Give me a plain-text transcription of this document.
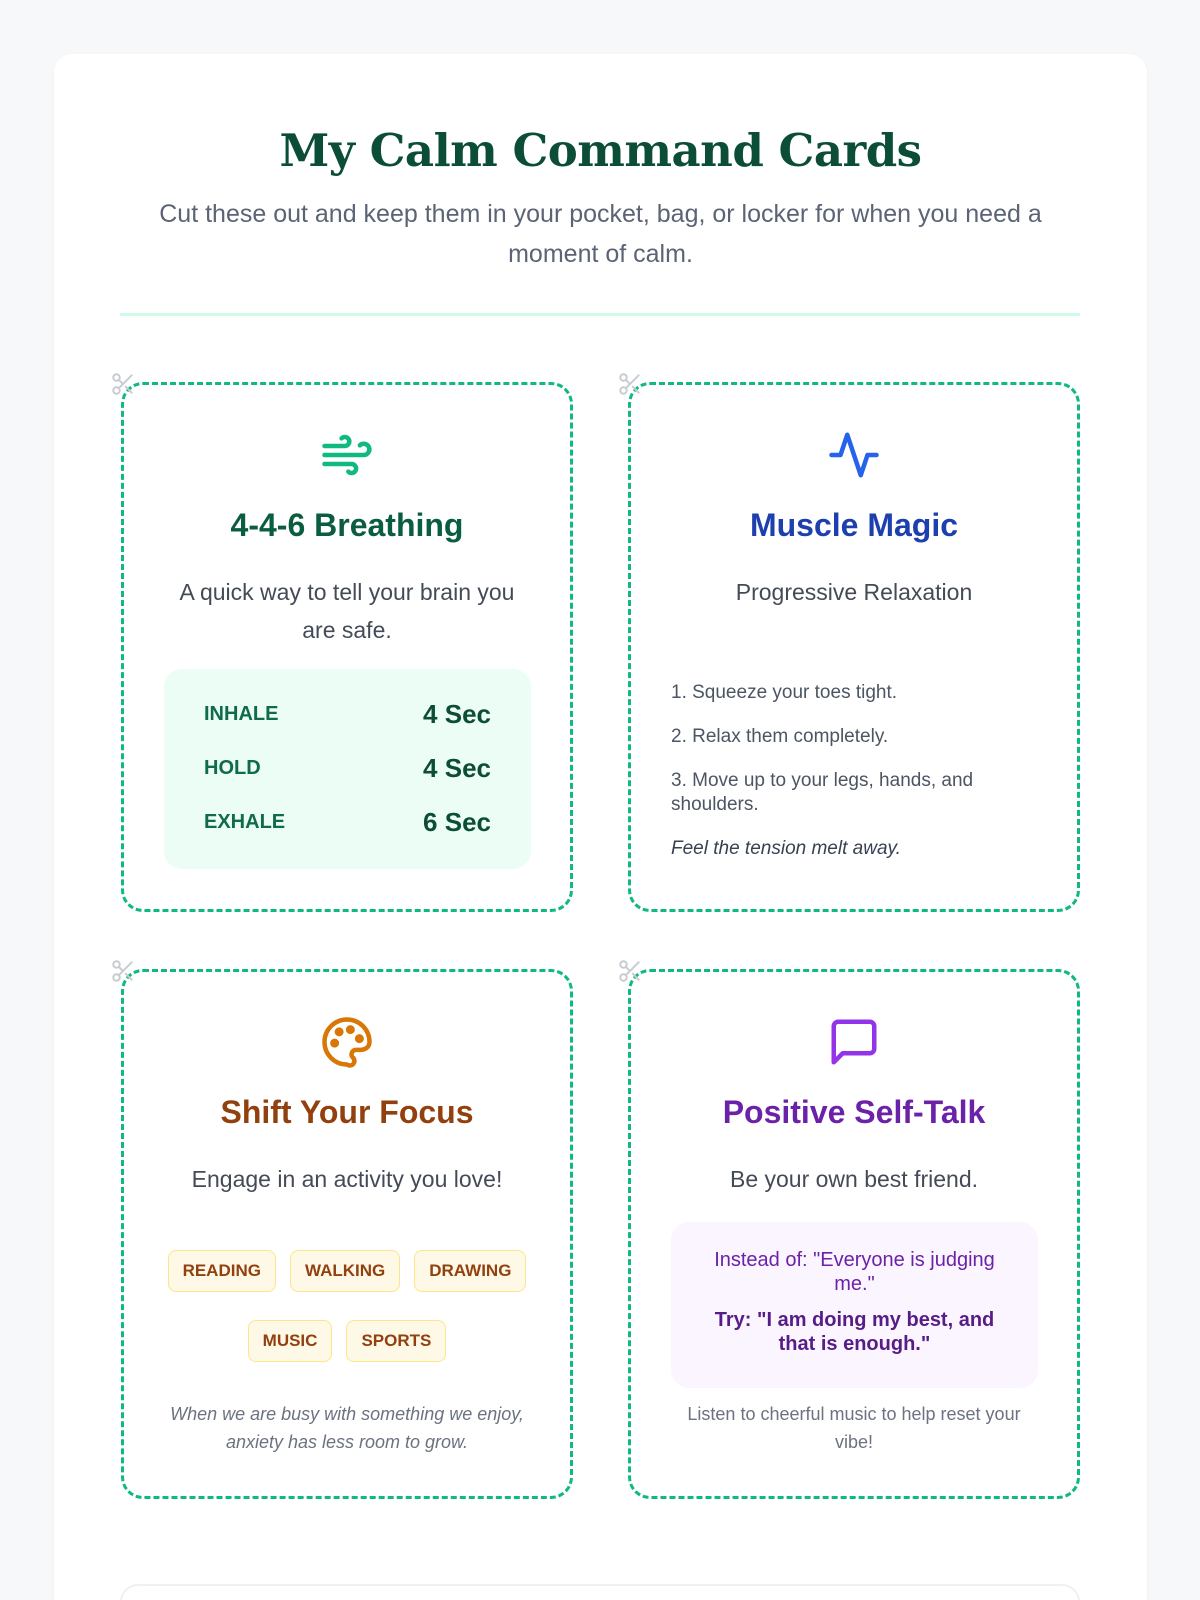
My Calm Command Cards

Cut these out and keep them in your pocket, bag, or locker for when you need a moment of calm.

4-4-6 Breathing
A quick way to tell your brain you are safe.
INHALE	4 Sec
HOLD	4 Sec
EXHALE	6 Sec
Muscle Magic
Progressive Relaxation
1. Squeeze your toes tight.
2. Relax them completely.
3. Move up to your legs, hands, and shoulders.
Feel the tension melt away.
Shift Your Focus
Engage in an activity you love!
READING	WALKING	DRAWING
MUSIC	SPORTS
When we are busy with something we enjoy, anxiety has less room to grow.
Positive Self-Talk
Be your own best friend.
Instead of: "Everyone is judging me."
Try: "I am doing my best, and that is enough."
Listen to cheerful music to help reset your vibe!
